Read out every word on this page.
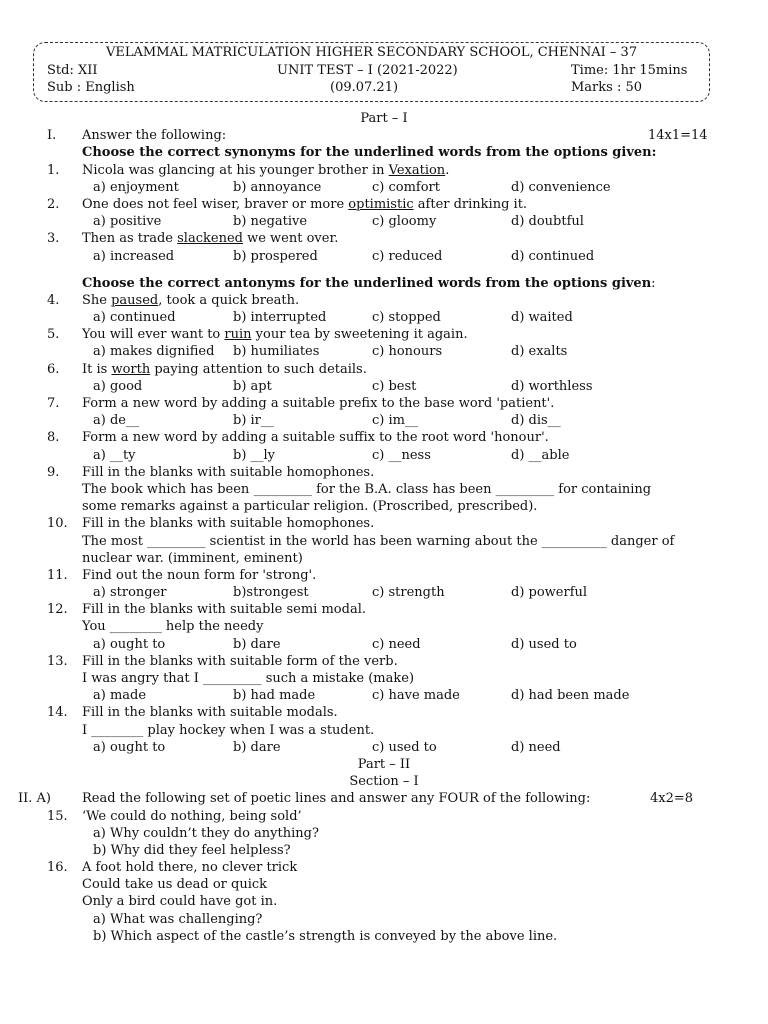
VELAMMAL MATRICULATION HIGHER SECONDARY SCHOOL, CHENNAI – 37
Std: XII	UNIT TEST – I (2021-2022)	Time: 1hr 15mins
Sub : English	(09.07.21)	Marks : 50
Part – I
I. Answer the following:	14x1=14
Choose the correct synonyms for the underlined words from the options given:
1. Nicola was glancing at his younger brother in Vexation.
a) enjoyment	b) annoyance	c) comfort	d) convenience
2. One does not feel wiser, braver or more optimistic after drinking it.
a) positive	b) negative	c) gloomy	d) doubtful
3. Then as trade slackened we went over.
a) increased	b) prospered	c) reduced	d) continued
Choose the correct antonyms for the underlined words from the options given:
4. She paused, took a quick breath.
a) continued	b) interrupted	c) stopped	d) waited
5. You will ever want to ruin your tea by sweetening it again.
a) makes dignified b) humiliates	c) honours	d) exalts
6. It is worth paying attention to such details.
a) good	b) apt	c) best	d) worthless
7. Form a new word by adding a suitable prefix to the base word 'patient'.
a) de__	b) ir__	c) im__	d) dis__
8. Form a new word by adding a suitable suffix to the root word 'honour'.
a) __ty	b) __ly	c) __ness	d) __able
9. Fill in the blanks with suitable homophones.
The book which has been _________ for the B.A. class has been _________ for containing
some remarks against a particular religion. (Proscribed, prescribed).
10. Fill in the blanks with suitable homophones.
The most _________ scientist in the world has been warning about the __________ danger of
nuclear war. (imminent, eminent)
11. Find out the noun form for 'strong'.
a) stronger	b)strongest	c) strength	d) powerful
12. Fill in the blanks with suitable semi modal.
You ________ help the needy
a) ought to	b) dare	c) need	d) used to
13. Fill in the blanks with suitable form of the verb.
I was angry that I _________ such a mistake (make)
a) made	b) had made	c) have made	d) had been made
14. Fill in the blanks with suitable modals.
I ________ play hockey when I was a student.
a) ought to	b) dare	c) used to	d) need
Part – II
Section – I
II. A) Read the following set of poetic lines and answer any FOUR of the following:	4x2=8
15. ‘We could do nothing, being sold’
a) Why couldn’t they do anything?
b) Why did they feel helpless?
16. A foot hold there, no clever trick
Could take us dead or quick
Only a bird could have got in.
a) What was challenging?
b) Which aspect of the castle’s strength is conveyed by the above line.
